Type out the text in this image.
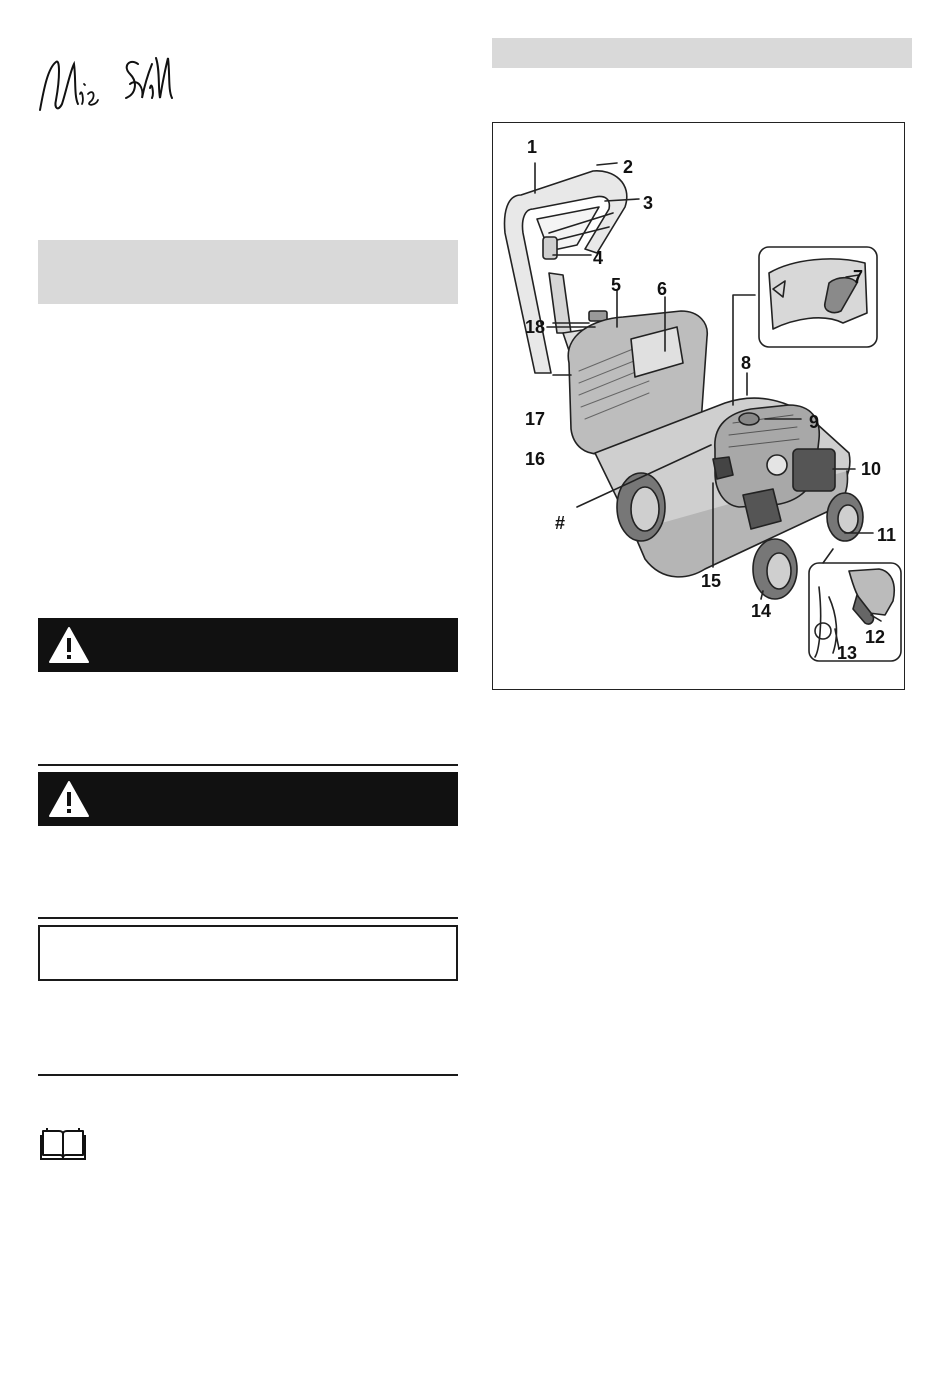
1
2
3
4
5 6
7
8
9
10
11
12
13
14
15
16
17
18
#
